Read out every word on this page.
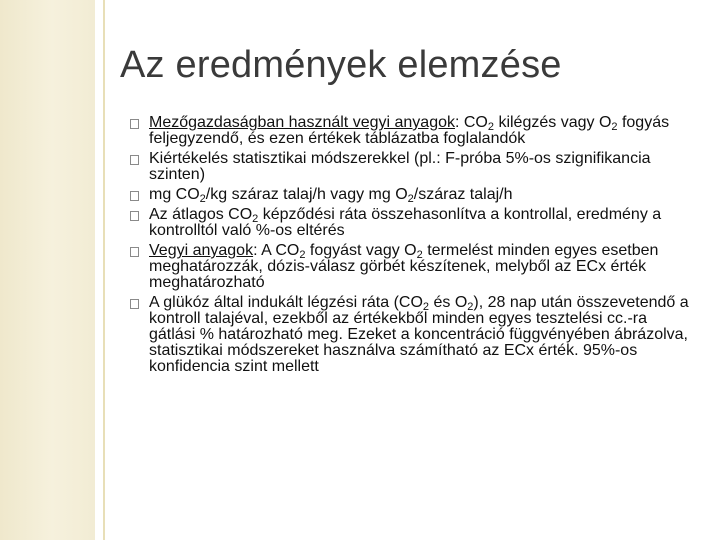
Az eredmények elemzése
Mezőgazdaságban használt vegyi anyagok: $CO_2$ kilégzés vagy $O_2$ fogyás feljegyzendő, és ezen értékek táblázatba foglalandók
Kiértékelés statisztikai módszerekkel (pl.: F-próba 5%-os szignifikancia szinten)
mg $CO_2/kg$ száraz talaj/h vagy mg $O_2$/száraz talaj/h
Az átlagos $CO_2$ képződési ráta összehasonlítva a kontrollal, eredmény a kontrolltól való %-os eltérés
Vegyi anyagok: A $CO_2$ fogyást vagy $O_2$ termelést minden egyes esetben meghatározzák, dózis-válasz görbét készítenek, melyből az ECx érték meghatározható
A glükóz által indukált légzési ráta ($CO_2$ és $O_2$), 28 nap után összevetendő a kontroll talajéval, ezekből az értékekből minden egyes tesztelési cc.-ra gátlási % határozható meg. Ezeket a koncentráció függvényében ábrázolva, statisztikai módszereket használva számítható az ECx érték. 95%-os konfidencia szint mellett
